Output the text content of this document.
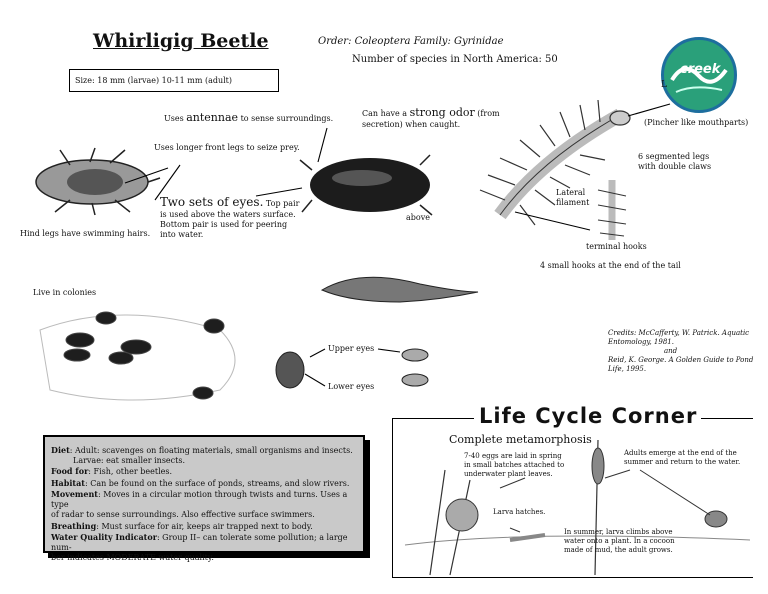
Whirligig Beetle	Order: Coleoptera Family: Gyrinidae
Number of species in North America: 50
Size: 18 mm (larvae) 10-11 mm (adult)
creek
L
Uses antennae to sense surroundings.
Can have a strong odor (from
secretion) when caught.
Uses longer front legs to seize prey.
Two sets of eyes. Top pair
is used above the waters surface.
Bottom pair is used for peering
into water.
Hind legs have swimming hairs.
above
(Pincher like mouthparts)
6 segmented legs
with double claws
Lateral
filament
terminal hooks
4 small hooks at the end of the tail
Live in colonies
Upper eyes
Lower eyes
Credits: McCafferty, W. Patrick. Aquatic
Entomology, 1981.
and
Reid, K. George. A Golden Guide to Pond
Life, 1995.
Diet: Adult: scavenges on floating materials, small organisms and insects.
Larvae: eat smaller insects.
Food for: Fish, other beetles.
Habitat: Can be found on the surface of ponds, streams, and slow rivers.
Movement: Moves in a circular motion through twists and turns. Uses a type
of radar to sense surroundings. Also effective surface swimmers.
Breathing: Must surface for air, keeps air trapped next to body.
Water Quality Indicator: Group II– can tolerate some pollution; a large num-
ber indicates MODERATE water quality.
Life Cycle Corner
Complete metamorphosis
7-40 eggs are laid in spring
in small batches attached to
underwater plant leaves.
Adults emerge at the end of the
summer and return to the water.
Larva hatches.
In summer, larva climbs above
water onto a plant. In a cocoon
made of mud, the adult grows.
